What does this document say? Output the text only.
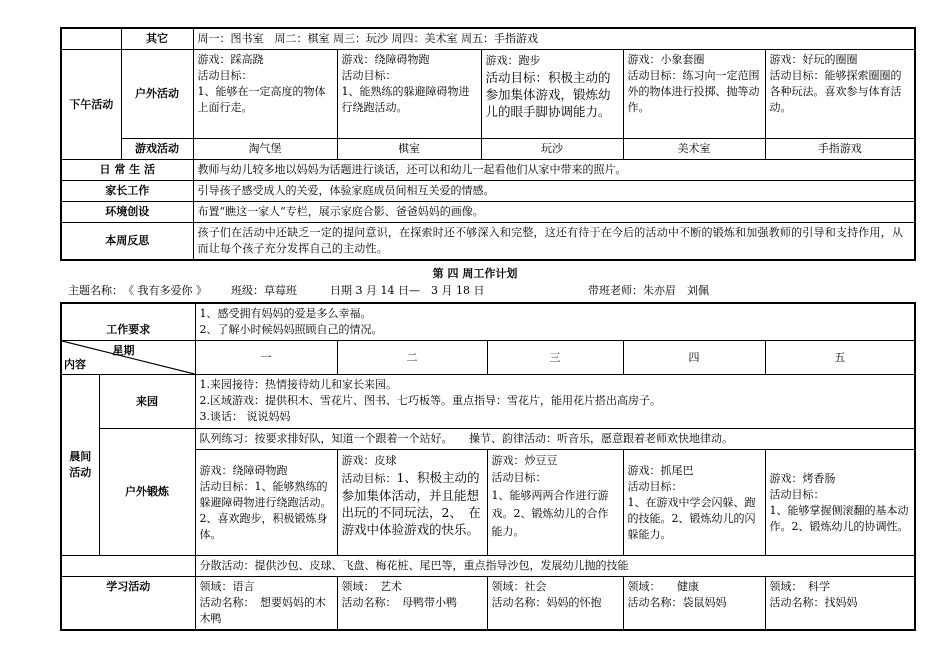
	其它	周一：图书室　周二：棋室 周三：玩沙 周四：美术室 周五：手指游戏				
下午活动	户外活动	游戏：踩高跷
活动目标：
1、能够在一定高度的物体上面行走。	游戏：绕障碍物跑
活动目标：
1、能熟练的躲避障碍物进行绕跑活动。	游戏：跑步
活动目标：积极主动的参加集体游戏，锻炼幼儿的眼手脚协调能力。	游戏：小象套圈
活动目标：练习向一定范围外的物体进行投掷、抛等动作。	游戏：好玩的圈圈
活动目标：能够探索圈圈的各种玩法。喜欢参与体育活动。
	游戏活动	淘气堡	棋室	玩沙	美术室	手指游戏
日 常 生 活		教师与幼儿较多地以妈妈为话题进行谈话，还可以和幼儿一起看他们从家中带来的照片。				
家长工作		引导孩子感受成人的关爱，体验家庭成员间相互关爱的情感。				
环境创设		布置“瞧这一家人”专栏，展示家庭合影、爸爸妈妈的画像。				
本周反思		孩子们在活动中还缺乏一定的提问意识，在探索时还不够深入和完整，这还有待于在今后的活动中不断的锻炼和加强教师的引导和支持作用，从而让每个孩子充分发挥自己的主动性。				
第 四 周工作计划

主题名称：　《 我有多爱你 》

班级：草莓班

	日期 3 月 14 日—　3 月 18 日

	带班老师：朱亦眉　刘佩

工作要求		1、感受拥有妈妈的爱是多么幸福。
2、了解小时候妈妈照顾自己的情况。				

星期
内容		一	二	三	四	五
晨间活动	来园	1.来园接待：热情接待幼儿和家长来园。
2.区域游戏：提供积木、雪花片、图书、七巧板等。重点指导：雪花片，能用花片搭出高房子。
3.谈话： 说说妈妈				

	户外锻炼	队列练习：按要求排好队，知道一个跟着一个站好。　　操节、韵律活动：听音乐，愿意跟着老师欢快地律动。				

		游戏：绕障碍物跑
活动目标：1、能够熟练的躲避障碍物进行绕跑活动。2、喜欢跑步，积极锻炼身体。	游戏：皮球
活动目标：1、积极主动的参加集体活动，并且能想出玩的不同玩法，2、　在游戏中体验游戏的快乐。	游戏：炒豆豆
活动目标：
1、能够两两合作进行游戏。2、锻炼幼儿的合作能力。	游戏：抓尾巴
活动目标：
1、在游戏中学会闪躲、跑的技能。2、锻炼幼儿的闪躲能力。	游戏：烤香肠
活动目标：
1、能够掌握侧滚翻的基本动作。2、锻炼幼儿的协调性。
		分散活动：提供沙包、皮球、飞盘、梅花桩、尾巴等，重点指导沙包，发展幼儿抛的技能				
学习活动		领域：语言
活动名称：　想要妈妈的木木鸭	领域：　艺术
活动名称：　母鸭带小鸭	领域：社会
活动名称：妈妈的怀抱	领域：　　健康
活动名称：袋鼠妈妈	领域：　科学
活动名称：找妈妈
